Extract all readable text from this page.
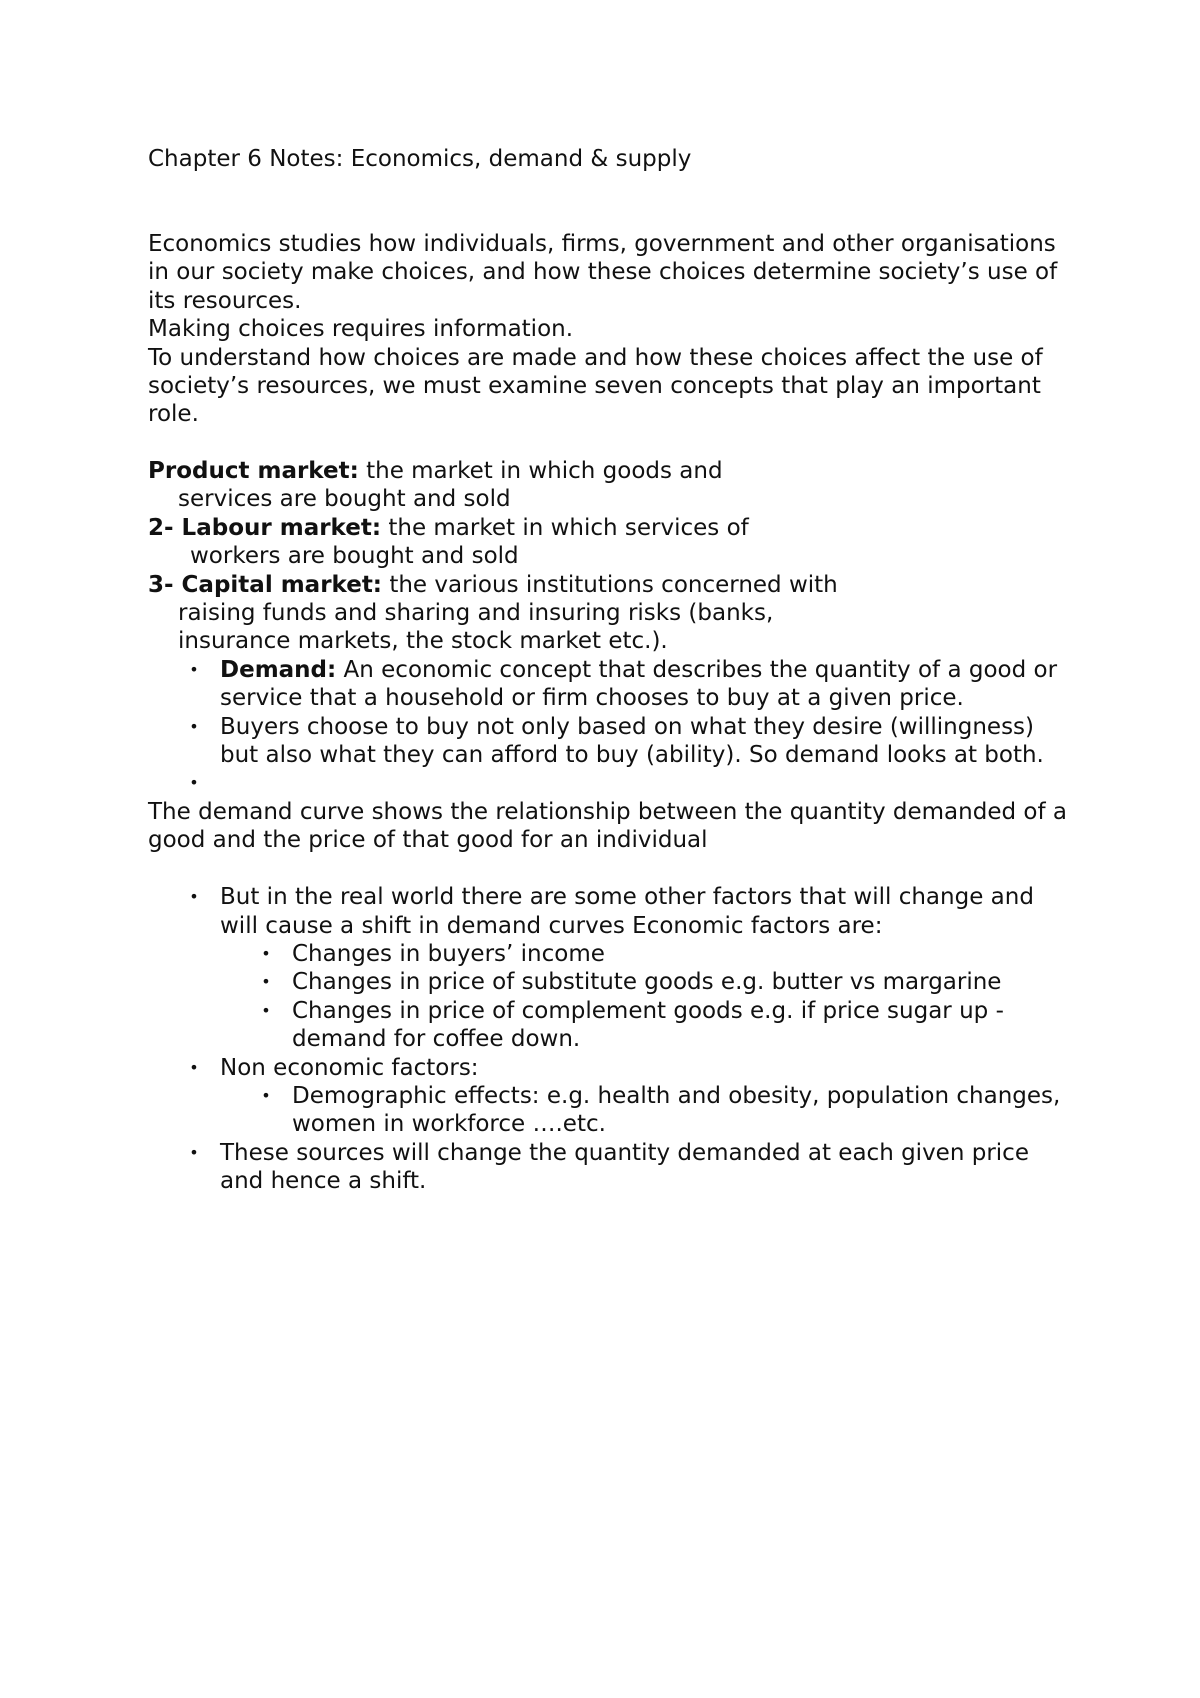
Chapter 6 Notes: Economics, demand & supply

Economics studies how individuals, firms, government and other organisations in our society make choices, and how these choices determine society’s use of its resources.

Making choices requires information.

To understand how choices are made and how these choices affect the use of society’s resources, we must examine seven concepts that play an important role.

Product market: the market in which goods and
services are bought and sold
2- Labour market: the market in which services of
workers are bought and sold
3- Capital market: the various institutions concerned with
raising funds and sharing and insuring risks (banks,
insurance markets, the stock market etc.).
• Demand: An economic concept that describes the quantity of a good or service that a household or firm chooses to buy at a given price.
• Buyers choose to buy not only based on what they desire (willingness) but also what they can afford to buy (ability). So demand looks at both.
•

The demand curve shows the relationship between the quantity demanded of a good and the price of that good for an individual

• But in the real world there are some other factors that will change and will cause a shift in demand curves Economic factors are:
• Changes in buyers’ income
• Changes in price of substitute goods e.g. butter vs margarine
• Changes in price of complement goods e.g. if price sugar up - demand for coffee down.
• Non economic factors:
• Demographic effects: e.g. health and obesity, population changes, women in workforce ….etc.
• These sources will change the quantity demanded at each given price and hence a shift.
